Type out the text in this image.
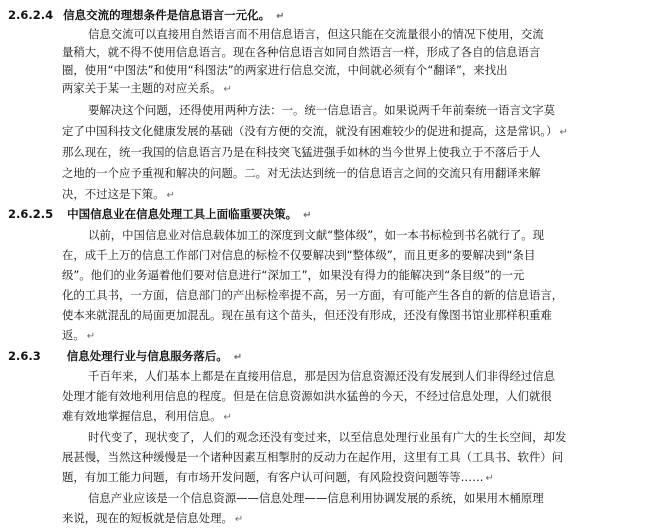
2.6.2.4 信息交流的理想条件是信息语言一元化。 ↵
信息交流可以直接用自然语言而不用信息语言，但这只能在交流量很小的情况下使用，交流
量稍大，就不得不使用信息语言。现在各种信息语言如同自然语言一样，形成了各自的信息语言
圈，使用“中图法”和使用“科图法”的两家进行信息交流，中间就必须有个“翻译”，来找出
两家关于某一主题的对应关系。 ↵
要解决这个问题，还得使用两种方法：一。统一信息语言。如果说两千年前秦统一语言文字莫
定了中国科技文化健康发展的基础（没有方便的交流，就没有困难较少的促进和提高，这是常识。） ↵
那么现在，统一我国的信息语言乃是在科技突飞猛进强手如林的当今世界上使我立于不落后于人
之地的一个应予重视和解决的问题。二。对无法达到统一的信息语言之间的交流只有用翻译来解
决，不过这是下策。 ↵
2.6.2.5 中国信息业在信息处理工具上面临重要决策。 ↵
以前，中国信息业对信息载体加工的深度到文献“整体级”，如一本书标检到书名就行了。现
在，成千上万的信息工作部门对信息的标检不仅要解决到“整体级”，而且更多的要解决到“条目
级”。他们的业务逼着他们要对信息进行“深加工”，如果没有得力的能解决到“条目级”的一元
化的工具书，一方面，信息部门的产出标检率提不高，另一方面，有可能产生各自的新的信息语言，
使本来就混乱的局面更加混乱。现在虽有这个苗头，但还没有形成，还没有像图书馆业那样积重难
返。 ↵
2.6.3 信息处理行业与信息服务落后。 ↵
千百年来，人们基本上都是在直接用信息，那是因为信息资源还没有发展到人们非得经过信息
处理才能有效地利用信息的程度。但是在信息资源如洪水猛兽的今天，不经过信息处理，人们就很
难有效地掌握信息，利用信息。 ↵
时代变了，现状变了，人们的观念还没有变过来，以至信息处理行业虽有广大的生长空间，却发
展甚慢，当然这种缓慢是一个诸种因素互相掣肘的反动力在起作用，这里有工具（工具书、软件）问
题，有加工能力问题，有市场开发问题，有客户认可问题，有风险投资问题等等…… ↵
信息产业应该是一个信息资源——信息处理——信息利用协调发展的系统，如果用木桶原理
来说，现在的短板就是信息处理。 ↵
